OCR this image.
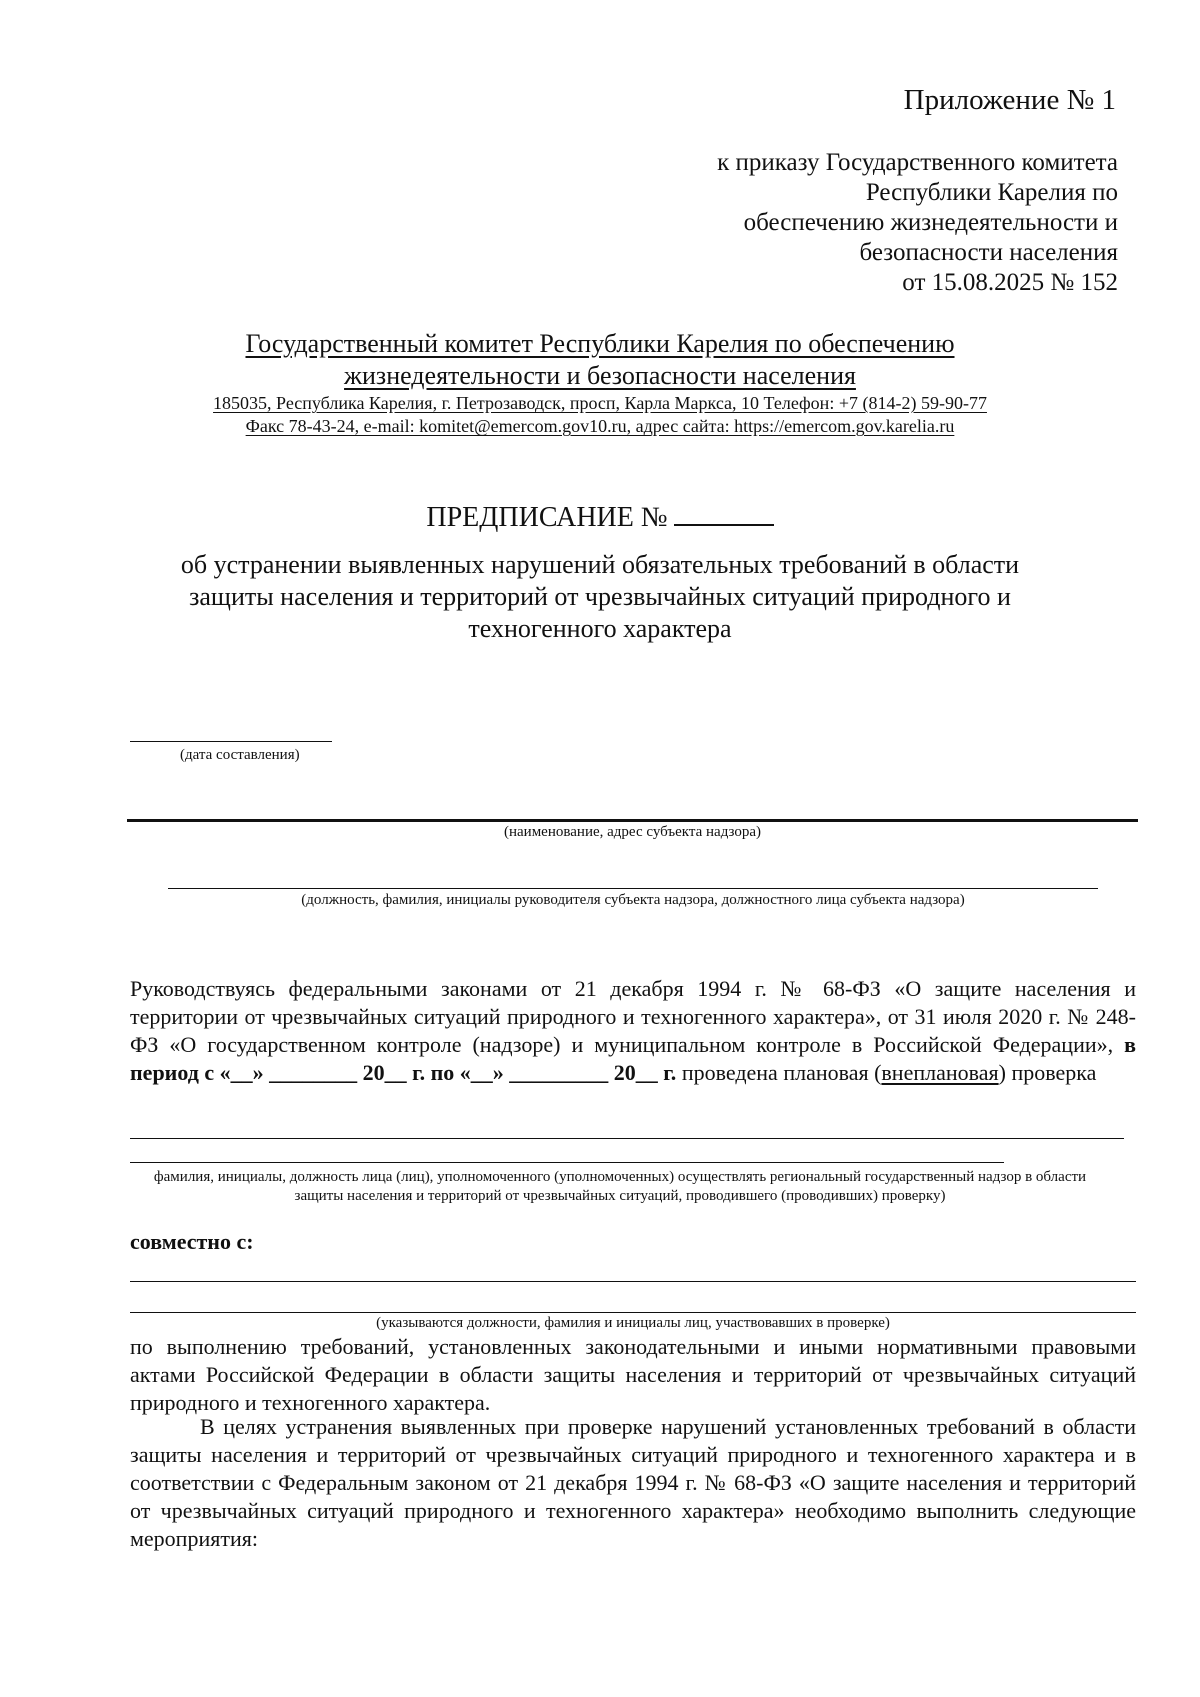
Приложение № 1
к приказу Государственного комитета
Республики Карелия по
обеспечению жизнедеятельности и
безопасности населения
от 15.08.2025 № 152
Государственный комитет Республики Карелия по обеспечению
жизнедеятельности и безопасности населения
185035, Республика Карелия, г. Петрозаводск, просп, Карла Маркса, 10 Телефон: +7 (814-2) 59-90-77
Факс 78-43-24, e-mail: komitet@emercom.gov10.ru, адрес сайта: https://emercom.gov.karelia.ru
ПРЕДПИСАНИЕ №
об устранении выявленных нарушений обязательных требований в области
защиты населения и территорий от чрезвычайных ситуаций природного и
техногенного характера
(дата составления)
(наименование, адрес субъекта надзора)
(должность, фамилия, инициалы руководителя субъекта надзора, должностного лица субъекта надзора)
Руководствуясь федеральными законами от 21 декабря 1994 г. № 68-ФЗ «О защите населения и территории от чрезвычайных ситуаций природного и техногенного характера», от 31 июля 2020 г. № 248-ФЗ «О государственном контроле (надзоре) и муниципальном контроле в Российской Федерации», в период с «__» ________ 20__ г. по «__» _________ 20__ г. проведена плановая (внеплановая) проверка
фамилия, инициалы, должность лица (лиц), уполномоченного (уполномоченных) осуществлять региональный государственный надзор в области
защиты населения и территорий от чрезвычайных ситуаций, проводившего (проводивших) проверку)
совместно с:
(указываются должности, фамилия и инициалы лиц, участвовавших в проверке)
по выполнению требований, установленных законодательными и иными нормативными правовыми актами Российской Федерации в области защиты населения и территорий от чрезвычайных ситуаций природного и техногенного характера.
В целях устранения выявленных при проверке нарушений установленных требований в области защиты населения и территорий от чрезвычайных ситуаций природного и техногенного характера и в соответствии с Федеральным законом от 21 декабря 1994 г. № 68-ФЗ «О защите населения и территорий от чрезвычайных ситуаций природного и техногенного характера» необходимо выполнить следующие мероприятия:
